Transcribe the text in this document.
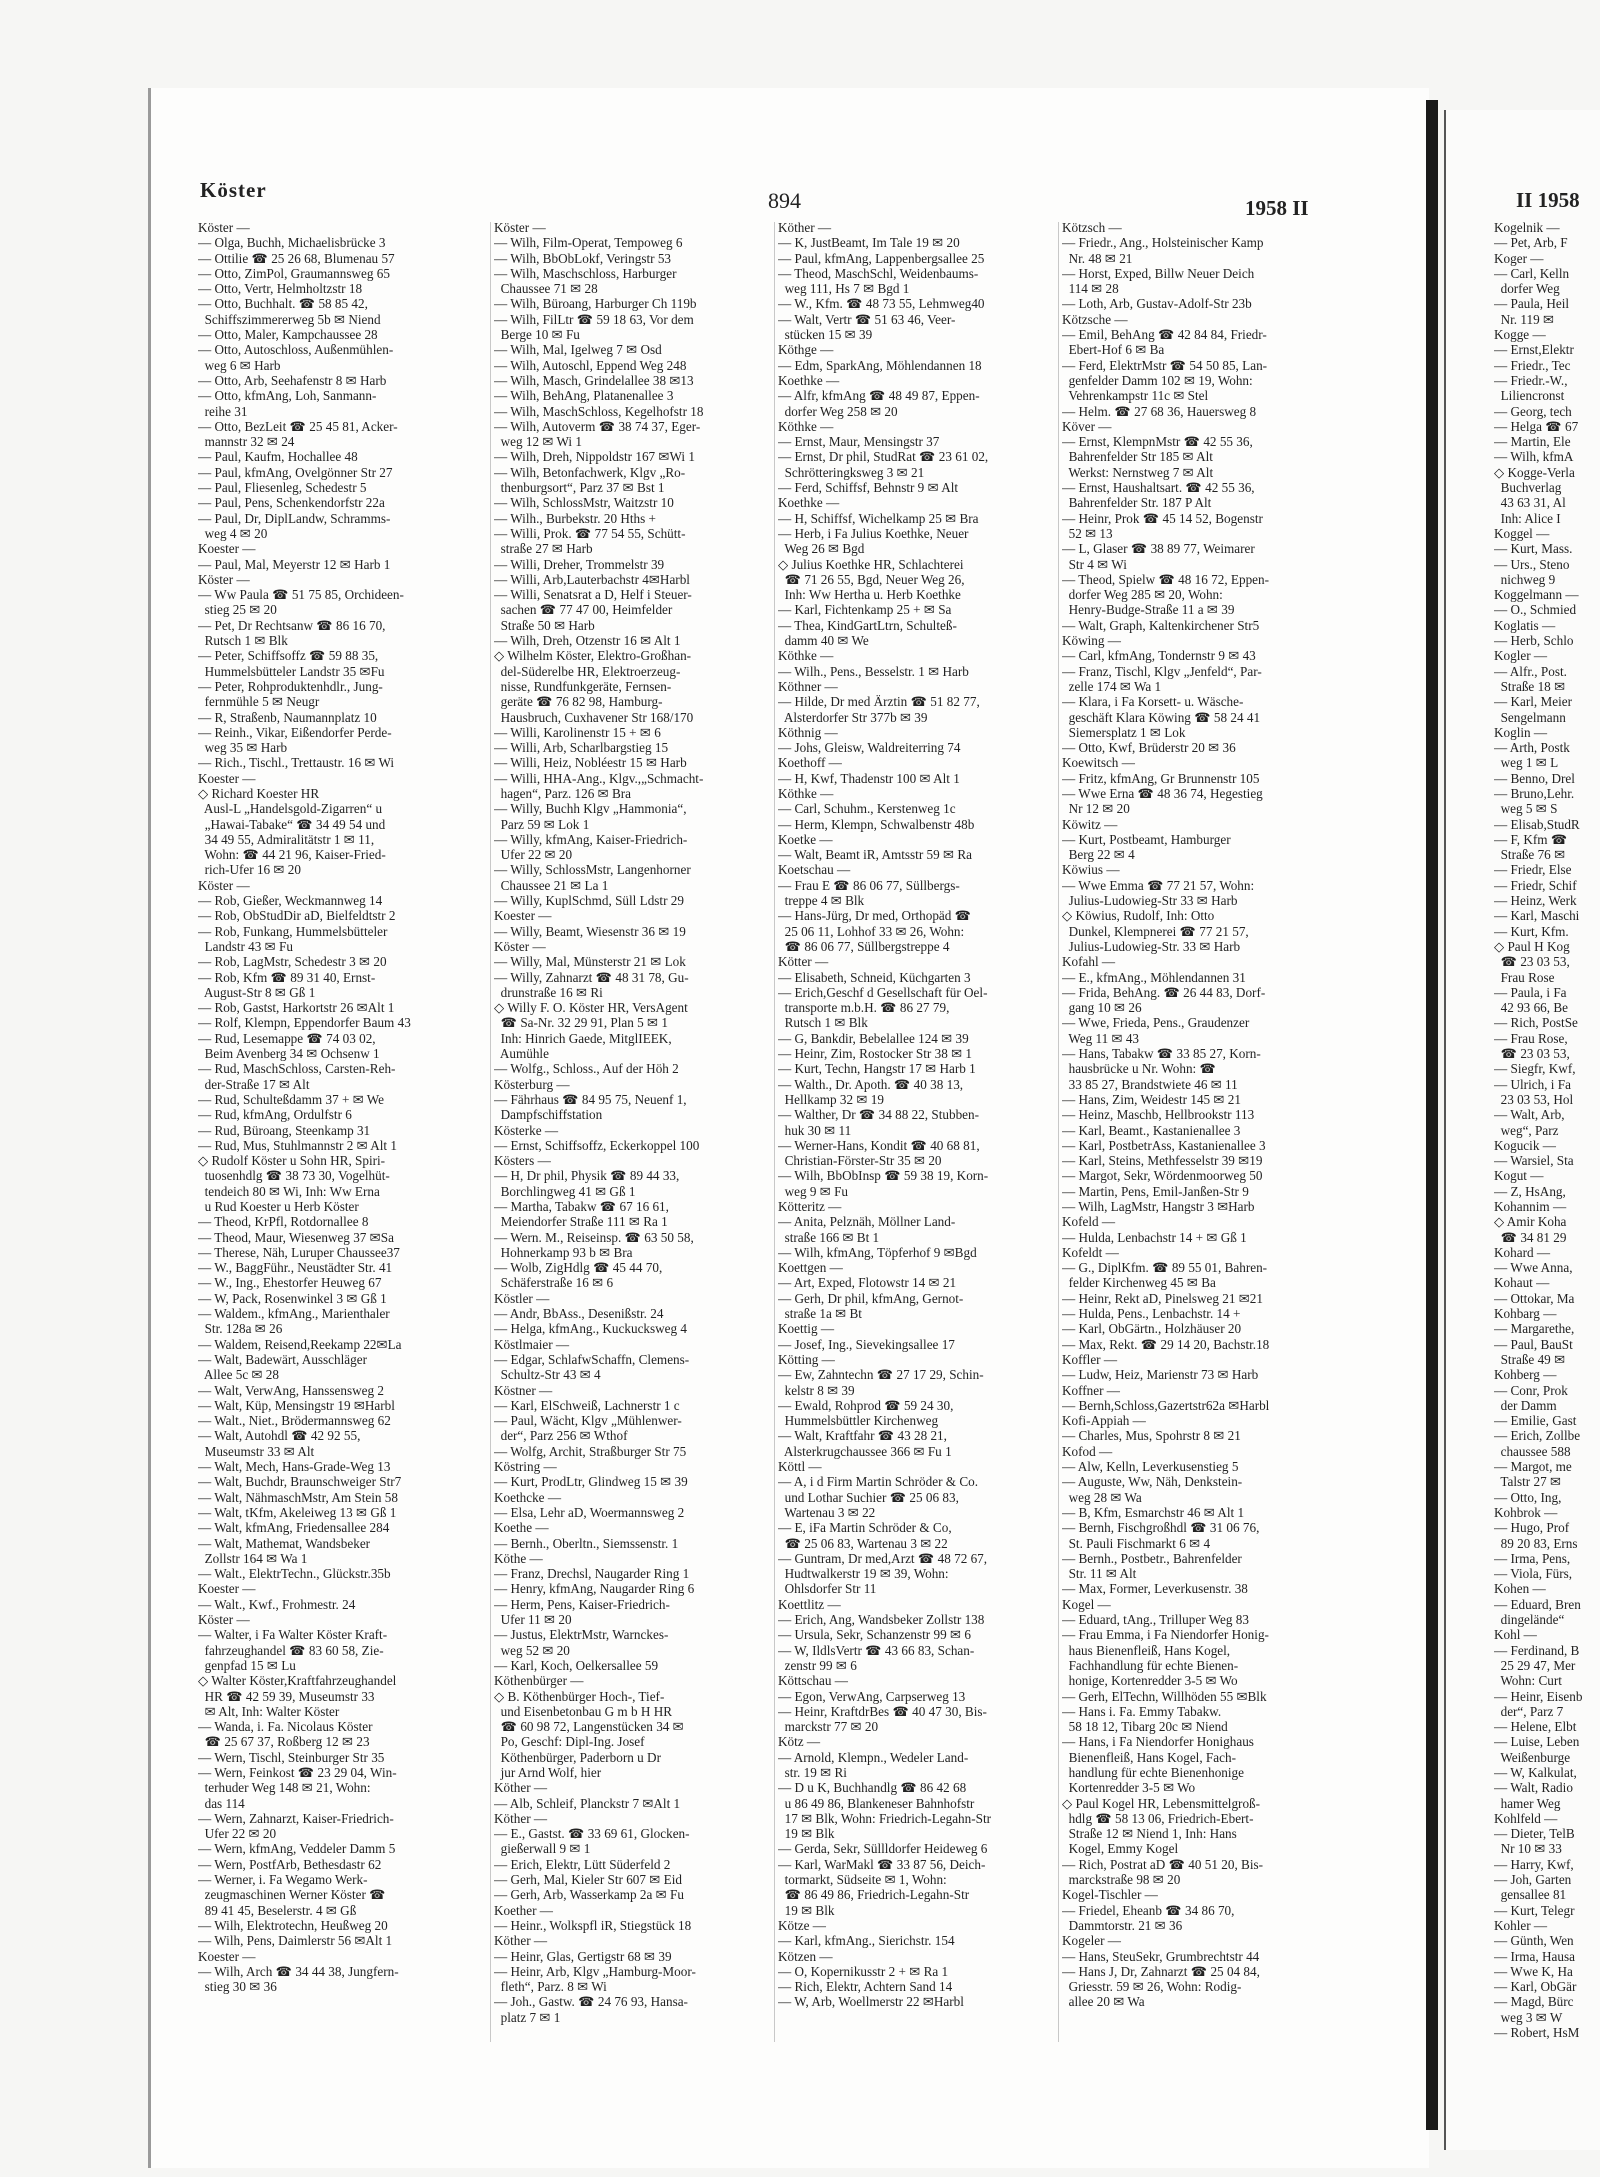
Köster	894	1958 II	II 1958
Köster —
— Olga, Buchh, Michaelisbrücke 3
— Ottilie ☎ 25 26 68, Blumenau 57
— Otto, ZimPol, Graumannsweg 65
— Otto, Vertr, Helmholtzstr 18
— Otto, Buchhalt. ☎ 58 85 42,
Schiffszimmererweg 5b ✉ Niend
— Otto, Maler, Kampchaussee 28
— Otto, Autoschloss, Außenmühlen-
weg 6 ✉ Harb
— Otto, Arb, Seehafenstr 8 ✉ Harb
— Otto, kfmAng, Loh, Sanmann-
reihe 31
— Otto, BezLeit ☎ 25 45 81, Acker-
mannstr 32 ✉ 24
— Paul, Kaufm, Hochallee 48
— Paul, kfmAng, Ovelgönner Str 27
— Paul, Fliesenleg, Schedestr 5
— Paul, Pens, Schenkendorfstr 22a
— Paul, Dr, DiplLandw, Schramms-
weg 4 ✉ 20
Koester —
— Paul, Mal, Meyerstr 12 ✉ Harb 1
Köster —
— Ww Paula ☎ 51 75 85, Orchideen-
stieg 25 ✉ 20
— Pet, Dr Rechtsanw ☎ 86 16 70,
Rutsch 1 ✉ Blk
— Peter, Schiffsoffz ☎ 59 88 35,
Hummelsbütteler Landstr 35 ✉Fu
— Peter, Rohproduktenhdlr., Jung-
fernmühle 5 ✉ Neugr
— R, Straßenb, Naumannplatz 10
— Reinh., Vikar, Eißendorfer Perde-
weg 35 ✉ Harb
— Rich., Tischl., Trettaustr. 16 ✉ Wi
Koester —
◇ Richard Koester HR
Ausl-L „Handelsgold-Zigarren“ u
„Hawai-Tabake“ ☎ 34 49 54 und
34 49 55, Admiralitätstr 1 ✉ 11,
Wohn: ☎ 44 21 96, Kaiser-Fried-
rich-Ufer 16 ✉ 20
Köster —
— Rob, Gießer, Weckmannweg 14
— Rob, ObStudDir aD, Bielfeldtstr 2
— Rob, Funkang, Hummelsbütteler
Landstr 43 ✉ Fu
— Rob, LagMstr, Schedestr 3 ✉ 20
— Rob, Kfm ☎ 89 31 40, Ernst-
August-Str 8 ✉ Gß 1
— Rob, Gastst, Harkortstr 26 ✉Alt 1
— Rolf, Klempn, Eppendorfer Baum 43
— Rud, Lesemappe ☎ 74 03 02,
Beim Avenberg 34 ✉ Ochsenw 1
— Rud, MaschSchloss, Carsten-Reh-
der-Straße 17 ✉ Alt
— Rud, Schulteßdamm 37 + ✉ We
— Rud, kfmAng, Ordulfstr 6
— Rud, Büroang, Steenkamp 31
— Rud, Mus, Stuhlmannstr 2 ✉ Alt 1
◇ Rudolf Köster u Sohn HR, Spiri-
tuosenhdlg ☎ 38 73 30, Vogelhüt-
tendeich 80 ✉ Wi, Inh: Ww Erna
u Rud Koester u Herb Köster
— Theod, KrPfl, Rotdornallee 8
— Theod, Maur, Wiesenweg 37 ✉Sa
— Therese, Näh, Luruper Chaussee37
— W., BaggFühr., Neustädter Str. 41
— W., Ing., Ehestorfer Heuweg 67
— W, Pack, Rosenwinkel 3 ✉ Gß 1
— Waldem., kfmAng., Marienthaler
Str. 128a ✉ 26
— Waldem, Reisend,Reekamp 22✉La
— Walt, Badewärt, Ausschläger
Allee 5c ✉ 28
— Walt, VerwAng, Hanssensweg 2
— Walt, Küp, Mensingstr 19 ✉Harbl
— Walt., Niet., Brödermannsweg 62
— Walt, Autohdl ☎ 42 92 55,
Museumstr 33 ✉ Alt
— Walt, Mech, Hans-Grade-Weg 13
— Walt, Buchdr, Braunschweiger Str7
— Walt, NähmaschMstr, Am Stein 58
— Walt, tKfm, Akeleiweg 13 ✉ Gß 1
— Walt, kfmAng, Friedensallee 284
— Walt, Mathemat, Wandsbeker
Zollstr 164 ✉ Wa 1
— Walt., ElektrTechn., Glückstr.35b
Koester —
— Walt., Kwf., Frohmestr. 24
Köster —
— Walter, i Fa Walter Köster Kraft-
fahrzeughandel ☎ 83 60 58, Zie-
genpfad 15 ✉ Lu
◇ Walter Köster,Kraftfahrzeughandel
HR ☎ 42 59 39, Museumstr 33
✉ Alt, Inh: Walter Köster
— Wanda, i. Fa. Nicolaus Köster
☎ 25 67 37, Roßberg 12 ✉ 23
— Wern, Tischl, Steinburger Str 35
— Wern, Feinkost ☎ 23 29 04, Win-
terhuder Weg 148 ✉ 21, Wohn:
das 114
— Wern, Zahnarzt, Kaiser-Friedrich-
Ufer 22 ✉ 20
— Wern, kfmAng, Veddeler Damm 5
— Wern, PostfArb, Bethesdastr 62
— Werner, i. Fa Wegamo Werk-
zeugmaschinen Werner Köster ☎
89 41 45, Beselerstr. 4 ✉ Gß
— Wilh, Elektrotechn, Heußweg 20
— Wilh, Pens, Daimlerstr 56 ✉Alt 1
Koester —
— Wilh, Arch ☎ 34 44 38, Jungfern-
stieg 30 ✉ 36
Köster —
— Wilh, Film-Operat, Tempoweg 6
— Wilh, BbObLokf, Veringstr 53
— Wilh, Maschschloss, Harburger
Chaussee 71 ✉ 28
— Wilh, Büroang, Harburger Ch 119b
— Wilh, FilLtr ☎ 59 18 63, Vor dem
Berge 10 ✉ Fu
— Wilh, Mal, Igelweg 7 ✉ Osd
— Wilh, Autoschl, Eppend Weg 248
— Wilh, Masch, Grindelallee 38 ✉13
— Wilh, BehAng, Platanenallee 3
— Wilh, MaschSchloss, Kegelhofstr 18
— Wilh, Autoverm ☎ 38 74 37, Eger-
weg 12 ✉ Wi 1
— Wilh, Dreh, Nippoldstr 167 ✉Wi 1
— Wilh, Betonfachwerk, Klgv „Ro-
thenburgsort“, Parz 37 ✉ Bst 1
— Wilh, SchlossMstr, Waitzstr 10
— Wilh., Burbekstr. 20 Hths +
— Willi, Prok. ☎ 77 54 55, Schütt-
straße 27 ✉ Harb
— Willi, Dreher, Trommelstr 39
— Willi, Arb,Lauterbachstr 4✉Harbl
— Willi, Senatsrat a D, Helf i Steuer-
sachen ☎ 77 47 00, Heimfelder
Straße 50 ✉ Harb
— Wilh, Dreh, Otzenstr 16 ✉ Alt 1
◇ Wilhelm Köster, Elektro-Großhan-
del-Süderelbe HR, Elektroerzeug-
nisse, Rundfunkgeräte, Fernsen-
geräte ☎ 76 82 98, Hamburg-
Hausbruch, Cuxhavener Str 168/170
— Willi, Karolinenstr 15 + ✉ 6
— Willi, Arb, Scharlbargstieg 15
— Willi, Heiz, Nobléestr 15 ✉ Harb
— Willi, HHA-Ang., Klgv.,„Schmacht-
hagen“, Parz. 126 ✉ Bra
— Willy, Buchh Klgv „Hammonia“,
Parz 59 ✉ Lok 1
— Willy, kfmAng, Kaiser-Friedrich-
Ufer 22 ✉ 20
— Willy, SchlossMstr, Langenhorner
Chaussee 21 ✉ La 1
— Willy, KuplSchmd, Süll Ldstr 29
Koester —
— Willy, Beamt, Wiesenstr 36 ✉ 19
Köster —
— Willy, Mal, Münsterstr 21 ✉ Lok
— Willy, Zahnarzt ☎ 48 31 78, Gu-
drunstraße 16 ✉ Ri
◇ Willy F. O. Köster HR, VersAgent
☎ Sa-Nr. 32 29 91, Plan 5 ✉ 1
Inh: Hinrich Gaede, MitglIEEK,
Aumühle
— Wolfg., Schloss., Auf der Höh 2
Kösterburg —
— Fährhaus ☎ 84 95 75, Neuenf 1,
Dampfschiffstation
Kösterke —
— Ernst, Schiffsoffz, Eckerkoppel 100
Kösters —
— H, Dr phil, Physik ☎ 89 44 33,
Borchlingweg 41 ✉ Gß 1
— Martha, Tabakw ☎ 67 16 61,
Meiendorfer Straße 111 ✉ Ra 1
— Wern. M., Reiseinsp. ☎ 63 50 58,
Hohnerkamp 93 b ✉ Bra
— Wolb, ZigHdlg ☎ 45 44 70,
Schäferstraße 16 ✉ 6
Köstler —
— Andr, BbAss., Desenißstr. 24
— Helga, kfmAng., Kuckucksweg 4
Köstlmaier —
— Edgar, SchlafwSchaffn, Clemens-
Schultz-Str 43 ✉ 4
Köstner —
— Karl, ElSchweiß, Lachnerstr 1 c
— Paul, Wächt, Klgv „Mühlenwer-
der“, Parz 256 ✉ Wthof
— Wolfg, Archit, Straßburger Str 75
Köstring —
— Kurt, ProdLtr, Glindweg 15 ✉ 39
Koethcke —
— Elsa, Lehr aD, Woermannsweg 2
Koethe —
— Bernh., Oberltn., Siemssenstr. 1
Köthe —
— Franz, Drechsl, Naugarder Ring 1
— Henry, kfmAng, Naugarder Ring 6
— Herm, Pens, Kaiser-Friedrich-
Ufer 11 ✉ 20
— Justus, ElektrMstr, Warnckes-
weg 52 ✉ 20
— Karl, Koch, Oelkersallee 59
Köthenbürger —
◇ B. Köthenbürger Hoch-, Tief-
und Eisenbetonbau G m b H HR
☎ 60 98 72, Langenstücken 34 ✉
Po, Geschf: Dipl-Ing. Josef
Köthenbürger, Paderborn u Dr
jur Arnd Wolf, hier
Köther —
— Alb, Schleif, Planckstr 7 ✉Alt 1
Köther —
— E., Gastst. ☎ 33 69 61, Glocken-
gießerwall 9 ✉ 1
— Erich, Elektr, Lütt Süderfeld 2
— Gerh, Mal, Kieler Str 607 ✉ Eid
— Gerh, Arb, Wasserkamp 2a ✉ Fu
Koether —
— Heinr., Wolkspfl iR, Stiegstück 18
Köther —
— Heinr, Glas, Gertigstr 68 ✉ 39
— Heinr, Arb, Klgv „Hamburg-Moor-
fleth“, Parz. 8 ✉ Wi
— Joh., Gastw. ☎ 24 76 93, Hansa-
platz 7 ✉ 1
Köther —
— K, JustBeamt, Im Tale 19 ✉ 20
— Paul, kfmAng, Lappenbergsallee 25
— Theod, MaschSchl, Weidenbaums-
weg 111, Hs 7 ✉ Bgd 1
— W., Kfm. ☎ 48 73 55, Lehmweg40
— Walt, Vertr ☎ 51 63 46, Veer-
stücken 15 ✉ 39
Köthge —
— Edm, SparkAng, Möhlendannen 18
Koethke —
— Alfr, kfmAng ☎ 48 49 87, Eppen-
dorfer Weg 258 ✉ 20
Köthke —
— Ernst, Maur, Mensingstr 37
— Ernst, Dr phil, StudRat ☎ 23 61 02,
Schrötteringksweg 3 ✉ 21
— Ferd, Schiffsf, Behnstr 9 ✉ Alt
Koethke —
— H, Schiffsf, Wichelkamp 25 ✉ Bra
— Herb, i Fa Julius Koethke, Neuer
Weg 26 ✉ Bgd
◇ Julius Koethke HR, Schlachterei
☎ 71 26 55, Bgd, Neuer Weg 26,
Inh: Ww Hertha u. Herb Koethke
— Karl, Fichtenkamp 25 + ✉ Sa
— Thea, KindGartLtrn, Schulteß-
damm 40 ✉ We
Köthke —
— Wilh., Pens., Besselstr. 1 ✉ Harb
Köthner —
— Hilde, Dr med Ärztin ☎ 51 82 77,
Alsterdorfer Str 377b ✉ 39
Köthnig —
— Johs, Gleisw, Waldreiterring 74
Koethoff —
— H, Kwf, Thadenstr 100 ✉ Alt 1
Köthke —
— Carl, Schuhm., Kerstenweg 1c
— Herm, Klempn, Schwalbenstr 48b
Koetke —
— Walt, Beamt iR, Amtsstr 59 ✉ Ra
Koetschau —
— Frau E ☎ 86 06 77, Süllbergs-
treppe 4 ✉ Blk
— Hans-Jürg, Dr med, Orthopäd ☎
25 06 11, Lohhof 33 ✉ 26, Wohn:
☎ 86 06 77, Süllbergstreppe 4
Kötter —
— Elisabeth, Schneid, Küchgarten 3
— Erich,Geschf d Gesellschaft für Oel-
transporte m.b.H. ☎ 86 27 79,
Rutsch 1 ✉ Blk
— G, Bankdir, Bebelallee 124 ✉ 39
— Heinr, Zim, Rostocker Str 38 ✉ 1
— Kurt, Techn, Hangstr 17 ✉ Harb 1
— Walth., Dr. Apoth. ☎ 40 38 13,
Hellkamp 32 ✉ 19
— Walther, Dr ☎ 34 88 22, Stubben-
huk 30 ✉ 11
— Werner-Hans, Kondit ☎ 40 68 81,
Christian-Förster-Str 35 ✉ 20
— Wilh, BbObInsp ☎ 59 38 19, Korn-
weg 9 ✉ Fu
Kötteritz —
— Anita, Pelznäh, Möllner Land-
straße 166 ✉ Bt 1
— Wilh, kfmAng, Töpferhof 9 ✉Bgd
Koettgen —
— Art, Exped, Flotowstr 14 ✉ 21
— Gerh, Dr phil, kfmAng, Gernot-
straße 1a ✉ Bt
Koettig —
— Josef, Ing., Sievekingsallee 17
Kötting —
— Ew, Zahntechn ☎ 27 17 29, Schin-
kelstr 8 ✉ 39
— Ewald, Rohprod ☎ 59 24 30,
Hummelsbüttler Kirchenweg
— Walt, Kraftfahr ☎ 43 28 21,
Alsterkrugchaussee 366 ✉ Fu 1
Köttl —
— A, i d Firm Martin Schröder & Co.
und Lothar Suchier ☎ 25 06 83,
Wartenau 3 ✉ 22
— E, iFa Martin Schröder & Co,
☎ 25 06 83, Wartenau 3 ✉ 22
— Guntram, Dr med,Arzt ☎ 48 72 67,
Hudtwalkerstr 19 ✉ 39, Wohn:
Ohlsdorfer Str 11
Koettlitz —
— Erich, Ang, Wandsbeker Zollstr 138
— Ursula, Sekr, Schanzenstr 99 ✉ 6
— W, IldlsVertr ☎ 43 66 83, Schan-
zenstr 99 ✉ 6
Köttschau —
— Egon, VerwAng, Carpserweg 13
— Heinr, KraftdrBes ☎ 40 47 30, Bis-
marckstr 77 ✉ 20
Kötz —
— Arnold, Klempn., Wedeler Land-
str. 19 ✉ Ri
— D u K, Buchhandlg ☎ 86 42 68
u 86 49 86, Blankeneser Bahnhofstr
17 ✉ Blk, Wohn: Friedrich-Legahn-Str
19 ✉ Blk
— Gerda, Sekr, Süllldorfer Heideweg 6
— Karl, WarMakl ☎ 33 87 56, Deich-
tormarkt, Südseite ✉ 1, Wohn:
☎ 86 49 86, Friedrich-Legahn-Str
19 ✉ Blk
Kötze —
— Karl, kfmAng., Sierichstr. 154
Kötzen —
— O, Kopernikusstr 2 + ✉ Ra 1
— Rich, Elektr, Achtern Sand 14
— W, Arb, Woellmerstr 22 ✉Harbl
Kötzsch —
— Friedr., Ang., Holsteinischer Kamp
Nr. 48 ✉ 21
— Horst, Exped, Billw Neuer Deich
114 ✉ 28
— Loth, Arb, Gustav-Adolf-Str 23b
Kötzsche —
— Emil, BehAng ☎ 42 84 84, Friedr-
Ebert-Hof 6 ✉ Ba
— Ferd, ElektrMstr ☎ 54 50 85, Lan-
genfelder Damm 102 ✉ 19, Wohn:
Vehrenkampstr 11c ✉ Stel
— Helm. ☎ 27 68 36, Hauersweg 8
Köver —
— Ernst, KlempnMstr ☎ 42 55 36,
Bahrenfelder Str 185 ✉ Alt
Werkst: Nernstweg 7 ✉ Alt
— Ernst, Haushaltsart. ☎ 42 55 36,
Bahrenfelder Str. 187 P Alt
— Heinr, Prok ☎ 45 14 52, Bogenstr
52 ✉ 13
— L, Glaser ☎ 38 89 77, Weimarer
Str 4 ✉ Wi
— Theod, Spielw ☎ 48 16 72, Eppen-
dorfer Weg 285 ✉ 20, Wohn:
Henry-Budge-Straße 11 a ✉ 39
— Walt, Graph, Kaltenkirchener Str5
Köwing —
— Carl, kfmAng, Tondernstr 9 ✉ 43
— Franz, Tischl, Klgv „Jenfeld“, Par-
zelle 174 ✉ Wa 1
— Klara, i Fa Korsett- u. Wäsche-
geschäft Klara Köwing ☎ 58 24 41
Siemersplatz 1 ✉ Lok
— Otto, Kwf, Brüderstr 20 ✉ 36
Koewitsch —
— Fritz, kfmAng, Gr Brunnenstr 105
— Wwe Erna ☎ 48 36 74, Hegestieg
Nr 12 ✉ 20
Köwitz —
— Kurt, Postbeamt, Hamburger
Berg 22 ✉ 4
Köwius —
— Wwe Emma ☎ 77 21 57, Wohn:
Julius-Ludowieg-Str 33 ✉ Harb
◇ Köwius, Rudolf, Inh: Otto
Dunkel, Klempnerei ☎ 77 21 57,
Julius-Ludowieg-Str. 33 ✉ Harb
Kofahl —
— E., kfmAng., Möhlendannen 31
— Frida, BehAng. ☎ 26 44 83, Dorf-
gang 10 ✉ 26
— Wwe, Frieda, Pens., Graudenzer
Weg 11 ✉ 43
— Hans, Tabakw ☎ 33 85 27, Korn-
hausbrücke u Nr. Wohn: ☎
33 85 27, Brandstwiete 46 ✉ 11
— Hans, Zim, Weidestr 145 ✉ 21
— Heinz, Maschb, Hellbrookstr 113
— Karl, Beamt., Kastanienallee 3
— Karl, PostbetrAss, Kastanienallee 3
— Karl, Steins, Methfesselstr 39 ✉19
— Margot, Sekr, Wördenmoorweg 50
— Martin, Pens, Emil-Janßen-Str 9
— Wilh, LagMstr, Hangstr 3 ✉Harb
Kofeld —
— Hulda, Lenbachstr 14 + ✉ Gß 1
Kofeldt —
— G., DiplKfm. ☎ 89 55 01, Bahren-
felder Kirchenweg 45 ✉ Ba
— Heinr, Rekt aD, Pinelsweg 21 ✉21
— Hulda, Pens., Lenbachstr. 14 +
— Karl, ObGärtn., Holzhäuser 20
— Max, Rekt. ☎ 29 14 20, Bachstr.18
Koffler —
— Ludw, Heiz, Marienstr 73 ✉ Harb
Koffner —
— Bernh,Schloss,Gazertstr62a ✉Harbl
Kofi-Appiah —
— Charles, Mus, Spohrstr 8 ✉ 21
Kofod —
— Alw, Kelln, Leverkusenstieg 5
— Auguste, Ww, Näh, Denkstein-
weg 28 ✉ Wa
— B, Kfm, Esmarchstr 46 ✉ Alt 1
— Bernh, Fischgroßhdl ☎ 31 06 76,
St. Pauli Fischmarkt 6 ✉ 4
— Bernh., Postbetr., Bahrenfelder
Str. 11 ✉ Alt
— Max, Former, Leverkusenstr. 38
Kogel —
— Eduard, tAng., Trilluper Weg 83
— Frau Emma, i Fa Niendorfer Honig-
haus Bienenfleiß, Hans Kogel,
Fachhandlung für echte Bienen-
honige, Kortenredder 3-5 ✉ Wo
— Gerh, ElTechn, Willhöden 55 ✉Blk
— Hans i. Fa. Emmy Tabakw.
58 18 12, Tibarg 20c ✉ Niend
— Hans, i Fa Niendorfer Honighaus
Bienenfleiß, Hans Kogel, Fach-
handlung für echte Bienenhonige
Kortenredder 3-5 ✉ Wo
◇ Paul Kogel HR, Lebensmittelgroß-
hdlg ☎ 58 13 06, Friedrich-Ebert-
Straße 12 ✉ Niend 1, Inh: Hans
Kogel, Emmy Kogel
— Rich, Postrat aD ☎ 40 51 20, Bis-
marckstraße 98 ✉ 20
Kogel-Tischler —
— Friedel, Eheanb ☎ 34 86 70,
Dammtorstr. 21 ✉ 36
Kogeler —
— Hans, SteuSekr, Grumbrechtstr 44
— Hans J, Dr, Zahnarzt ☎ 25 04 84,
Griesstr. 59 ✉ 26, Wohn: Rodig-
allee 20 ✉ Wa
Kogelnik —
— Pet, Arb, F
Koger —
— Carl, Kelln
dorfer Weg
— Paula, Heil
Nr. 119 ✉
Kogge —
— Ernst,Elektr
— Friedr., Tec
— Friedr.-W.,
Liliencronst
— Georg, tech
— Helga ☎ 67
— Martin, Ele
— Wilh, kfmA
◇ Kogge-Verla
Buchverlag
43 63 31, Al
Inh: Alice I
Koggel —
— Kurt, Mass.
— Urs., Steno
nichweg 9
Koggelmann —
— O., Schmied
Koglatis —
— Herb, Schlo
Kogler —
— Alfr., Post.
Straße 18 ✉
— Karl, Meier
Sengelmann
Koglin —
— Arth, Postk
weg 1 ✉ L
— Benno, Drel
— Bruno,Lehr.
weg 5 ✉ S
— Elisab,StudR
— F, Kfm ☎
Straße 76 ✉
— Friedr, Else
— Friedr, Schif
— Heinz, Werk
— Karl, Maschi
— Kurt, Kfm.
◇ Paul H Kog
☎ 23 03 53,
Frau Rose
— Paula, i Fa
42 93 66, Be
— Rich, PostSe
— Frau Rose,
☎ 23 03 53,
— Siegfr, Kwf,
— Ulrich, i Fa
23 03 53, Hol
— Walt, Arb,
weg“, Parz
Kogucik —
— Warsiel, Sta
Kogut —
— Z, HsAng,
Kohannim —
◇ Amir Koha
☎ 34 81 29
Kohard —
— Wwe Anna,
Kohaut —
— Ottokar, Ma
Kohbarg —
— Margarethe,
— Paul, BauSt
Straße 49 ✉
Kohberg —
— Conr, Prok
der Damm
— Emilie, Gast
— Erich, Zollbe
chaussee 588
— Margot, me
Talstr 27 ✉
— Otto, Ing,
Kohbrok —
— Hugo, Prof
89 20 83, Erns
— Irma, Pens,
— Viola, Fürs,
Kohen —
— Eduard, Bren
dingelände“
Kohl —
— Ferdinand, B
25 29 47, Mer
Wohn: Curt
— Heinr, Eisenb
der“, Parz 7
— Helene, Elbt
— Luise, Leben
Weißenburge
— W, Kalkulat,
— Walt, Radio
hamer Weg
Kohlfeld —
— Dieter, TelB
Nr 10 ✉ 33
— Harry, Kwf,
— Joh, Garten
gensallee 81
— Kurt, Telegr
Kohler —
— Günth, Wen
— Irma, Hausa
— Wwe K, Ha
— Karl, ObGär
— Magd, Bürc
weg 3 ✉ W
— Robert, HsM
